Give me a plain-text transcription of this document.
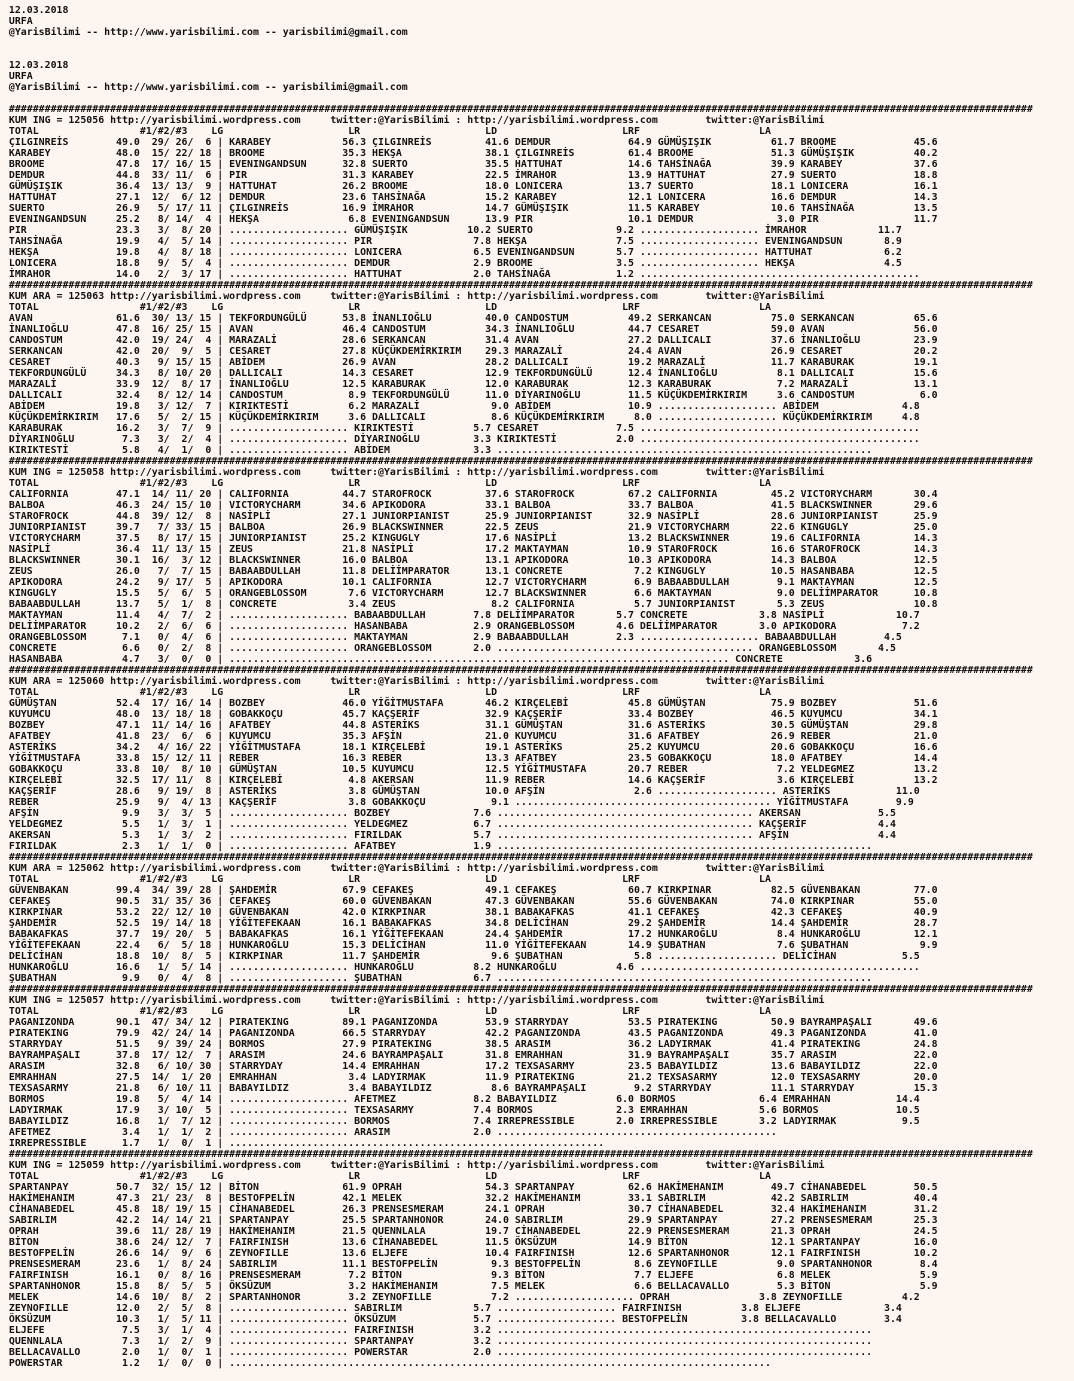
12.03.2018
URFA
@YarisBilimi -- http://www.yarisbilimi.com -- yarisbilimi@gmail.com

12.03.2018
URFA
@YarisBilimi -- http://www.yarisbilimi.com -- yarisbilimi@gmail.com

############################################################################################################################################################################
KUM ING = 125056 http://yarisbilimi.wordpress.com     twitter:@YarisBilimi : http://yarisbilimi.wordpress.com        twitter:@YarisBilimi
TOTAL                 #1/#2/#3    LG                     LR                     LD                     LRF                    LA
ÇILGINREİS        49.0  29/ 26/  6 | KARABEY            56.3 ÇILGINREİS         41.6 DEMDUR             64.9 GÜMÜŞIŞIK          61.7 BROOME             45.6
KARABEY           48.0  15/ 22/ 18 | BROOME             35.3 HEKŞA              38.1 ÇILGINREİS         61.4 BROOME             51.3 GÜMÜŞIŞIK          40.2
BROOME            47.8  17/ 16/ 15 | EVENINGANDSUN      32.8 SUERTO             35.5 HATTUHAT           14.6 TAHSİNAĞA          39.9 KARABEY            37.6
DEMDUR            44.8  33/ 11/  6 | PIR                31.3 KARABEY            22.5 İMRAHOR            13.9 HATTUHAT           27.9 SUERTO             18.8
GÜMÜŞIŞIK         36.4  13/ 13/  9 | HATTUHAT           26.2 BROOME             18.0 LONICERA           13.7 SUERTO             18.1 LONICERA           16.1
HATTUHAT          27.1  12/  6/ 12 | DEMDUR             23.6 TAHSİNAĞA          15.2 KARABEY            12.1 LONICERA           16.6 DEMDUR             14.3
SUERTO            26.9   5/ 17/ 11 | ÇILGINREİS         16.9 İMRAHOR            14.7 GÜMÜŞIŞIK          11.5 KARABEY            10.6 TAHSİNAĞA          13.5
EVENINGANDSUN     25.2   8/ 14/  4 | HEKŞA               6.8 EVENINGANDSUN      13.9 PIR                10.1 DEMDUR              3.0 PIR                11.7
PIR               23.3   3/  8/ 20 | .................... GÜMÜŞIŞIK          10.2 SUERTO              9.2 .................... İMRAHOR            11.7
TAHSİNAĞA         19.9   4/  5/ 14 | .................... PIR                 7.8 HEKŞA               7.5 .................... EVENINGANDSUN       8.9
HEKŞA             19.8   4/  8/ 18 | .................... LONICERA            6.5 EVENINGANDSUN       5.7 .................... HATTUHAT            6.2
LONICERA          18.8   9/  5/  4 | .................... DEMDUR              2.9 BROOME              3.5 .................... HEKŞA               4.5
İMRAHOR           14.0   2/  3/ 17 | .................... HATTUHAT            2.0 TAHSİNAĞA           1.2 ...............................................
############################################################################################################################################################################
KUM ARA = 125063 http://yarisbilimi.wordpress.com     twitter:@YarisBilimi : http://yarisbilimi.wordpress.com        twitter:@YarisBilimi
TOTAL                 #1/#2/#3    LG                     LR                     LD                     LRF                    LA
AVAN              61.6  30/ 13/ 15 | TEKFORDUNGÜLÜ      53.8 İNANLIOĞLU         40.0 CANDOSTUM          49.2 SERKANCAN          75.0 SERKANCAN          65.6
İNANLIOĞLU        47.8  16/ 25/ 15 | AVAN               46.4 CANDOSTUM          34.3 İNANLIOĞLU         44.7 CESARET            59.0 AVAN               56.0
CANDOSTUM         42.0  19/ 24/  4 | MARAZALİ           28.6 SERKANCAN          31.4 AVAN               27.2 DALLICALI          37.6 İNANLIOĞLU         23.9
SERKANCAN         42.0  20/  9/  5 | CESARET            27.8 KÜÇÜKDEMİRKIRIM    29.3 MARAZALİ           24.4 AVAN               26.9 CESARET            20.2
CESARET           40.3   9/ 15/ 15 | ABİDEM             26.9 AVAN               28.2 DALLICALI          19.2 MARAZALİ           11.7 KARABURAK          19.1
TEKFORDUNGÜLÜ     34.3   8/ 10/ 20 | DALLICALI          14.3 CESARET            12.9 TEKFORDUNGÜLÜ      12.4 İNANLIOĞLU          8.1 DALLICALI          15.6
MARAZALİ          33.9  12/  8/ 17 | İNANLIOĞLU         12.5 KARABURAK          12.0 KARABURAK          12.3 KARABURAK           7.2 MARAZALİ           13.1
DALLICALI         32.4   8/ 12/ 14 | CANDOSTUM           8.9 TEKFORDUNGÜLÜ      11.0 DİYARINOĞLU        11.5 KÜÇÜKDEMİRKIRIM     3.6 CANDOSTUM           6.0
ABİDEM            19.8   3/ 12/  7 | KIRIKTESTİ          6.2 MARAZALİ            9.0 ABİDEM             10.9 .................... ABİDEM              4.8
KÜÇÜKDEMİRKIRIM   17.6   5/  2/ 15 | KÜÇÜKDEMİRKIRIM     3.6 DALLICALI           8.6 KÜÇÜKDEMİRKIRIM     8.0 .................... KÜÇÜKDEMİRKIRIM     4.8
KARABURAK         16.2   3/  7/  9 | .................... KIRIKTESTİ          5.7 CESARET             7.5 ...............................................
DİYARINOĞLU        7.3   3/  2/  4 | .................... DİYARINOĞLU         3.3 KIRIKTESTİ          2.0 ...............................................
KIRIKTESTİ         5.8   4/  1/  0 | .................... ABİDEM              3.3 ...............................................................
############################################################################################################################################################################
KUM ING = 125058 http://yarisbilimi.wordpress.com     twitter:@YarisBilimi : http://yarisbilimi.wordpress.com        twitter:@YarisBilimi
TOTAL                 #1/#2/#3    LG                     LR                     LD                     LRF                    LA
CALIFORNIA        47.1  14/ 11/ 20 | CALIFORNIA         44.7 STAROFROCK         37.6 STAROFROCK         67.2 CALIFORNIA         45.2 VICTORYCHARM       30.4
BALBOA            46.3  24/ 15/ 10 | VICTORYCHARM       34.6 APIKODORA          33.1 BALBOA             33.7 BALBOA             41.5 BLACKSWINNER       29.6
STAROFROCK        44.8  39/ 12/  8 | NASİPLİ            27.1 JUNIORPIANIST      25.9 JUNIORPIANIST      32.9 NASİPLİ            28.6 JUNIORPIANIST      25.9
JUNIORPIANIST     39.7   7/ 33/ 15 | BALBOA             26.9 BLACKSWINNER       22.5 ZEUS               21.9 VICTORYCHARM       22.6 KINGUGLY           25.0
VICTORYCHARM      37.5   8/ 17/ 15 | JUNIORPIANIST      25.2 KINGUGLY           17.6 NASİPLİ            13.2 BLACKSWINNER       19.6 CALIFORNIA         14.3
NASİPLİ           36.4  11/ 13/ 15 | ZEUS               21.8 NASİPLİ            17.2 MAKTAYMAN          10.9 STAROFROCK         16.6 STAROFROCK         14.3
BLACKSWINNER      30.1  16/  3/ 12 | BLACKSWINNER       16.0 BALBOA             13.1 APIKODORA          10.3 APIKODORA          14.3 BALBOA             12.5
ZEUS              26.0   7/  7/ 15 | BABAABDULLAH       11.8 DELİİMPARATOR      13.1 CONCRETE            7.2 KINGUGLY           10.5 HASANBABA          12.5
APIKODORA         24.2   9/ 17/  5 | APIKODORA          10.1 CALIFORNIA         12.7 VICTORYCHARM        6.9 BABAABDULLAH        9.1 MAKTAYMAN          12.5
KINGUGLY          15.5   5/  6/  5 | ORANGEBLOSSOM       7.6 VICTORYCHARM       12.7 BLACKSWINNER        6.6 MAKTAYMAN           9.0 DELİİMPARATOR      10.8
BABAABDULLAH      13.7   5/  1/  8 | CONCRETE            3.4 ZEUS                8.2 CALIFORNIA          5.7 JUNIORPIANIST       5.3 ZEUS               10.8
MAKTAYMAN         11.4   4/  7/  2 | .................... BABAABDULLAH        7.8 DELİİMPARATOR       5.7 CONCRETE            3.8 NASİPLİ            10.7
DELİİMPARATOR     10.2   2/  6/  6 | .................... HASANBABA           2.9 ORANGEBLOSSOM       4.6 DELİİMPARATOR       3.0 APIKODORA           7.2
ORANGEBLOSSOM      7.1   0/  4/  6 | .................... MAKTAYMAN           2.9 BABAABDULLAH        2.3 .................... BABAABDULLAH        4.5
CONCRETE           6.6   0/  2/  8 | .................... ORANGEBLOSSOM       2.0 ........................................... ORANGEBLOSSOM       4.5
HASANBABA          4.7   3/  0/  0 | .................................................................................... CONCRETE            3.6
############################################################################################################################################################################
KUM ARA = 125060 http://yarisbilimi.wordpress.com     twitter:@YarisBilimi : http://yarisbilimi.wordpress.com        twitter:@YarisBilimi
TOTAL                 #1/#2/#3    LG                     LR                     LD                     LRF                    LA
GÜMÜŞTAN          52.4  17/ 16/ 14 | BOZBEY             46.0 YİĞİTMUSTAFA       46.2 KIRÇELEBİ          45.8 GÜMÜŞTAN           75.9 BOZBEY             51.6
KUYUMCU           48.0  13/ 18/ 18 | GOBAKKOÇU          45.7 KAÇŞERİF           32.9 KAÇŞERİF           33.4 BOZBEY             46.5 KUYUMCU            34.1
BOZBEY            47.1  11/ 14/ 16 | AFATBEY            44.8 ASTERİKS           31.1 GÜMÜŞTAN           31.6 ASTERİKS           30.5 GÜMÜŞTAN           29.8
AFATBEY           41.8  23/  6/  6 | KUYUMCU            35.3 AFŞİN              21.0 KUYUMCU            31.6 AFATBEY            26.9 REBER              21.0
ASTERİKS          34.2   4/ 16/ 22 | YİĞİTMUSTAFA       18.1 KIRÇELEBİ          19.1 ASTERİKS           25.2 KUYUMCU            20.6 GOBAKKOÇU          16.6
YİĞİTMUSTAFA      33.8  15/ 12/ 11 | REBER              16.3 REBER              13.3 AFATBEY            23.5 GOBAKKOÇU          18.0 AFATBEY            14.4
GOBAKKOÇU         33.8  10/  8/ 10 | GÜMÜŞTAN           10.5 KUYUMCU            12.5 YİĞİTMUSTAFA       20.7 REBER               7.2 YELDEGMEZ          13.2
KIRÇELEBİ         32.5  17/ 11/  8 | KIRÇELEBİ           4.8 AKERSAN            11.9 REBER              14.6 KAÇŞERİF            3.6 KIRÇELEBİ          13.2
KAÇŞERİF          28.6   9/ 19/  8 | ASTERİKS            3.8 GÜMÜŞTAN           10.0 AFŞİN               2.6 .................... ASTERİKS           11.0
REBER             25.9   9/  4/ 13 | KAÇŞERİF            3.8 GOBAKKOÇU           9.1 ........................................... YİĞİTMUSTAFA        9.9
AFŞİN              9.9   3/  3/  5 | .................... BOZBEY              7.6 ........................................... AKERSAN             5.5
YELDEGMEZ          5.5   1/  3/  1 | .................... YELDEGMEZ           6.7 ........................................... KAÇŞERİF            4.4
AKERSAN            5.3   1/  3/  2 | .................... FIRILDAK            5.7 ........................................... AFŞİN               4.4
FIRILDAK           2.3   1/  1/  0 | .................... AFATBEY             1.9 ...............................................................
############################################################################################################################################################################
KUM ARA = 125062 http://yarisbilimi.wordpress.com     twitter:@YarisBilimi : http://yarisbilimi.wordpress.com        twitter:@YarisBilimi
TOTAL                 #1/#2/#3    LG                     LR                     LD                     LRF                    LA
GÜVENBAKAN        99.4  34/ 39/ 28 | ŞAHDEMİR           67.9 CEFAKEŞ            49.1 CEFAKEŞ            60.7 KIRKPINAR          82.5 GÜVENBAKAN         77.0
CEFAKEŞ           90.5  31/ 35/ 36 | CEFAKEŞ            60.0 GÜVENBAKAN         47.3 GÜVENBAKAN         55.6 GÜVENBAKAN         74.0 KIRKPINAR          55.0
KIRKPINAR         53.2  22/ 12/ 10 | GÜVENBAKAN         42.0 KIRKPINAR          38.1 BABAKAFKAS         41.1 CEFAKEŞ            42.3 CEFAKEŞ            40.9
ŞAHDEMİR          52.5  19/ 14/ 18 | YİĞİTEFEKAAN       16.1 BABAKAFKAS         34.8 DELİCİHAN          29.2 ŞAHDEMİR           14.4 ŞAHDEMİR           28.7
BABAKAFKAS        37.7  19/ 20/  5 | BABAKAFKAS         16.1 YİĞİTEFEKAAN       24.4 ŞAHDEMİR           17.2 HUNKAROĞLU          8.4 HUNKAROĞLU         12.1
YİĞİTEFEKAAN      22.4   6/  5/ 18 | HUNKAROĞLU         15.3 DELİCİHAN          11.0 YİĞİTEFEKAAN       14.9 ŞUBATHAN            7.6 ŞUBATHAN            9.9
DELİCİHAN         18.8  10/  8/  5 | KIRKPINAR          11.7 ŞAHDEMİR            9.6 ŞUBATHAN            5.8 .................... DELİCİHAN           5.5
HUNKAROĞLU        16.6   1/  5/ 14 | .................... HUNKAROĞLU          8.2 HUNKAROĞLU          4.6 ...............................................
ŞUBATHAN           9.9   0/  4/  8 | .................... ŞUBATHAN            6.7 ...............................................................
############################################################################################################################################################################
KUM ING = 125057 http://yarisbilimi.wordpress.com     twitter:@YarisBilimi : http://yarisbilimi.wordpress.com        twitter:@YarisBilimi
TOTAL                 #1/#2/#3    LG                     LR                     LD                     LRF                    LA
PAGANIZONDA       90.1  47/ 34/ 12 | PIRATEKING         89.1 PAGANIZONDA        53.9 STARRYDAY          53.5 PIRATEKING         50.9 BAYRAMPAŞALI       49.6
PIRATEKING        79.9  42/ 24/ 14 | PAGANIZONDA        66.5 STARRYDAY          42.2 PAGANIZONDA        43.5 PAGANIZONDA        49.3 PAGANIZONDA        41.0
STARRYDAY         51.5   9/ 39/ 24 | BORMOS             27.9 PIRATEKING         38.5 ARASIM             36.2 LADYIRMAK          41.4 PIRATEKING         24.8
BAYRAMPAŞALI      37.8  17/ 12/  7 | ARASIM             24.6 BAYRAMPAŞALI       31.8 EMRAHHAN           31.9 BAYRAMPAŞALI       35.7 ARASIM             22.0
ARASIM            32.8   6/ 10/ 30 | STARRYDAY          14.4 EMRAHHAN           17.2 TEXSASARMY         23.5 BABAYILDIZ         13.6 BABAYILDIZ         22.0
EMRAHHAN          27.5  14/  1/ 20 | EMRAHHAN            3.4 LADYIRMAK          11.9 PIRATEKING         21.2 TEXSASARMY         12.0 TEXSASARMY         20.0
TEXSASARMY        21.8   6/ 10/ 11 | BABAYILDIZ          3.4 BABAYILDIZ          8.6 BAYRAMPAŞALI        9.2 STARRYDAY          11.1 STARRYDAY          15.3
BORMOS            19.8   5/  4/ 14 | .................... AFETMEZ             8.2 BABAYILDIZ          6.0 BORMOS              6.4 EMRAHHAN           14.4
LADYIRMAK         17.9   3/ 10/  5 | .................... TEXSASARMY          7.4 BORMOS              2.3 EMRAHHAN            5.6 BORMOS             10.5
BABAYILDIZ        16.8   1/  7/ 12 | .................... BORMOS              7.4 IRREPRESSIBLE       2.0 IRREPRESSIBLE       3.2 LADYIRMAK           9.5
AFETMEZ            3.4   1/  1/  2 | .................... ARASIM              2.0 ...............................................
IRREPRESSIBLE      1.7   1/  0/  1 | ...............................................................
############################################################################################################################################################################
KUM ING = 125059 http://yarisbilimi.wordpress.com     twitter:@YarisBilimi : http://yarisbilimi.wordpress.com        twitter:@YarisBilimi
TOTAL                 #1/#2/#3    LG                     LR                     LD                     LRF                    LA
SPARTANPAY        50.7  32/ 15/ 12 | BİTON              61.9 OPRAH              54.3 SPARTANPAY         62.6 HAKİMEHANIM        49.7 CİHANABEDEL        50.5
HAKİMEHANIM       47.3  21/ 23/  8 | BESTOFPELİN        42.1 MELEK              32.2 HAKİMEHANIM        33.1 SABIRLIM           42.2 SABIRLIM           40.4
CİHANABEDEL       45.8  18/ 19/ 15 | CİHANABEDEL        26.3 PRENSESMERAM       24.1 OPRAH              30.7 CİHANABEDEL        32.4 HAKİMEHANIM        31.2
SABIRLIM          42.2  14/ 14/ 21 | SPARTANPAY         25.5 SPARTANHONOR       24.0 SABIRLIM           29.9 SPARTANPAY         27.2 PRENSESMERAM       25.3
OPRAH             39.6  11/ 28/ 19 | HAKİMEHANIM        21.5 QUENNLALA          19.7 CİHANABEDEL        22.9 PRENSESMERAM       21.3 OPRAH              24.5
BİTON             38.6  24/ 12/  7 | FAIRFINISH         13.6 CİHANABEDEL        11.5 ÖKSÜZUM            14.9 BİTON              12.1 SPARTANPAY         16.0
BESTOFPELİN       26.6  14/  9/  6 | ZEYNOFILLE         13.6 ELJEFE             10.4 FAIRFINISH         12.6 SPARTANHONOR       12.1 FAIRFINISH         10.2
PRENSESMERAM      23.6   1/  8/ 24 | SABIRLIM           11.1 BESTOFPELİN         9.3 BESTOFPELİN         8.6 ZEYNOFILLE          9.0 SPARTANHONOR        8.4
FAIRFINISH        16.1   0/  8/ 16 | PRENSESMERAM        7.2 BİTON               9.3 BİTON               7.7 ELJEFE              6.8 MELEK               5.9
SPARTANHONOR      15.8   8/  5/  5 | ÖKSÜZUM             3.2 HAKİMEHANIM         7.5 MELEK               6.6 BELLACAVALLO        5.3 BİTON               5.9
MELEK             14.6  10/  8/  2 | SPARTANHONOR        3.2 ZEYNOFILLE          7.2 .................... OPRAH               3.8 ZEYNOFILLE          4.2
ZEYNOFILLE        12.0   2/  5/  8 | .................... SABIRLIM            5.7 .................... FAIRFINISH          3.8 ELJEFE              3.4
ÖKSÜZUM           10.3   1/  5/ 11 | .................... ÖKSÜZUM             5.7 .................... BESTOFPELİN         3.8 BELLACAVALLO        3.4
ELJEFE             7.5   3/  1/  4 | .................... FAIRFINISH          3.2 ...............................................................
QUENNLALA          7.3   1/  2/  9 | .................... SPARTANPAY          3.2 ...............................................................
BELLACAVALLO       2.0   1/  0/  1 | .................... POWERSTAR           2.0 ...............................................................
POWERSTAR          1.2   1/  0/  0 | ...........................................................................................
